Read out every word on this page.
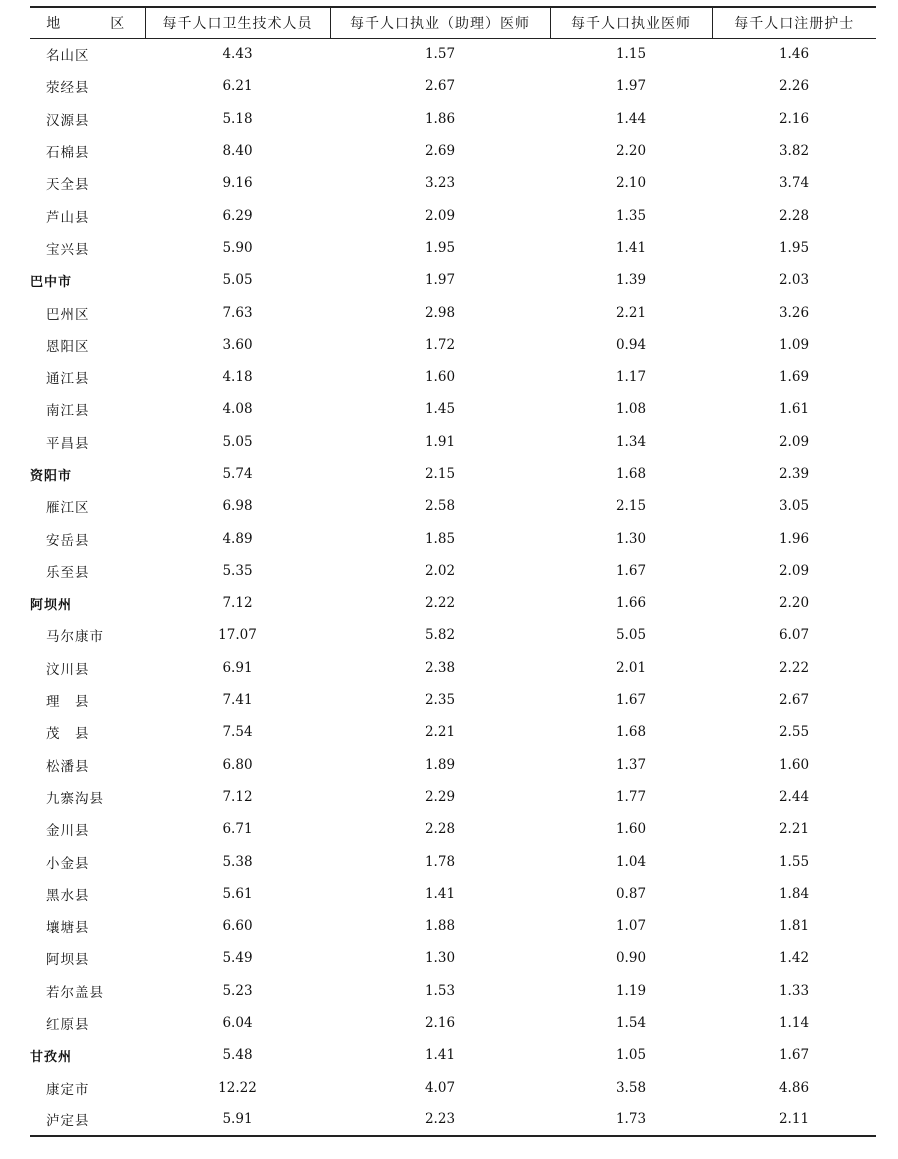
地　区	每千人口卫生技术人员	每千人口执业（助理）医师	每千人口执业医师	每千人口注册护士
名山区	4.43	1.57	1.15	1.46
荥经县	6.21	2.67	1.97	2.26
汉源县	5.18	1.86	1.44	2.16
石棉县	8.40	2.69	2.20	3.82
天全县	9.16	3.23	2.10	3.74
芦山县	6.29	2.09	1.35	2.28
宝兴县	5.90	1.95	1.41	1.95
巴中市	5.05	1.97	1.39	2.03
巴州区	7.63	2.98	2.21	3.26
恩阳区	3.60	1.72	0.94	1.09
通江县	4.18	1.60	1.17	1.69
南江县	4.08	1.45	1.08	1.61
平昌县	5.05	1.91	1.34	2.09
资阳市	5.74	2.15	1.68	2.39
雁江区	6.98	2.58	2.15	3.05
安岳县	4.89	1.85	1.30	1.96
乐至县	5.35	2.02	1.67	2.09
阿坝州	7.12	2.22	1.66	2.20
马尔康市	17.07	5.82	5.05	6.07
汶川县	6.91	2.38	2.01	2.22
理　县	7.41	2.35	1.67	2.67
茂　县	7.54	2.21	1.68	2.55
松潘县	6.80	1.89	1.37	1.60
九寨沟县	7.12	2.29	1.77	2.44
金川县	6.71	2.28	1.60	2.21
小金县	5.38	1.78	1.04	1.55
黑水县	5.61	1.41	0.87	1.84
壤塘县	6.60	1.88	1.07	1.81
阿坝县	5.49	1.30	0.90	1.42
若尔盖县	5.23	1.53	1.19	1.33
红原县	6.04	2.16	1.54	1.14
甘孜州	5.48	1.41	1.05	1.67
康定市	12.22	4.07	3.58	4.86
泸定县	5.91	2.23	1.73	2.11
